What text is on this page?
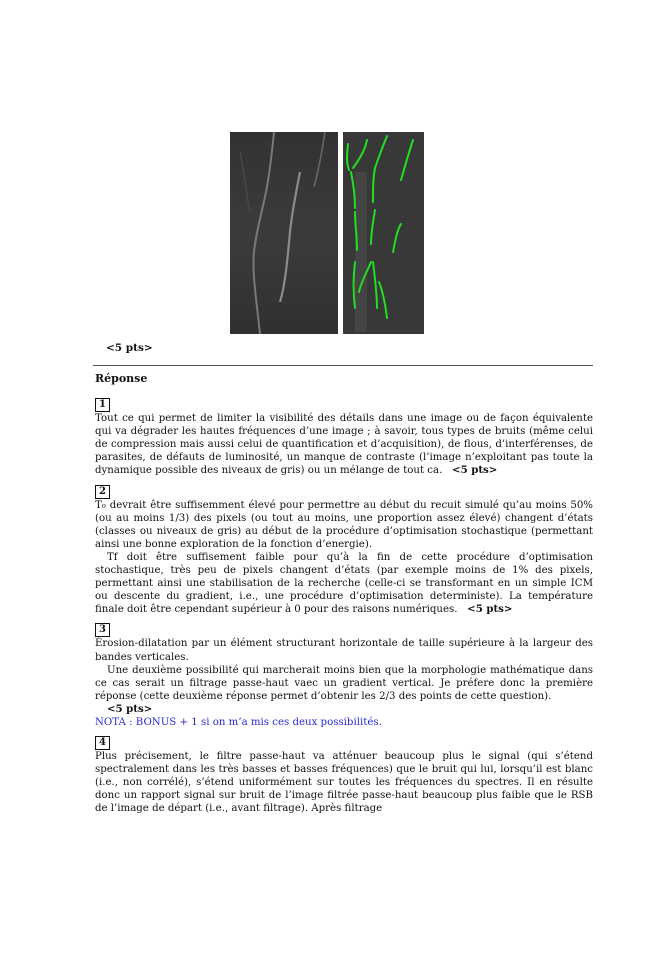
<5 pts>
Réponse
1

Tout ce qui permet de limiter la visibilité des détails dans une image ou de façon équivalente qui va dégrader les hautes fréquences d’une image ; à savoir, tous types de bruits (même celui de compression mais aussi celui de quantification et d’acquisition), de flous, d’interférenses, de parasites, de défauts de luminosité, un manque de contraste (l’image n’exploitant pas toute la dynamique possible des niveaux de gris) ou un mélange de tout ca. <5 pts>

2

T₀ devrait être suffisemment élevé pour permettre au début du recuit simulé qu’au moins 50% (ou au moins 1/3) des pixels (ou tout au moins, une proportion assez élevé) changent d’états (classes ou niveaux de gris) au début de la procédure d’optimisation stochastique (permettant ainsi une bonne exploration de la fonction d’energie).

Tf doit être suffisement faible pour qu’à la fin de cette procédure d’optimisation stochastique, très peu de pixels changent d’états (par exemple moins de 1% des pixels, permettant ainsi une stabilisation de la recherche (celle-ci se transformant en un simple ICM ou descente du gradient, i.e., une procédure d’optimisation deterministe). La température finale doit être cependant supérieur à 0 pour des raisons numériques. <5 pts>

3

Érosion-dilatation par un élément structurant horizontale de taille supérieure à la largeur des bandes verticales.

Une deuxième possibilité qui marcherait moins bien que la morphologie mathématique dans ce cas serait un filtrage passe-haut vaec un gradient vertical. Je préfere donc la première réponse (cette deuxième réponse permet d’obtenir les 2/3 des points de cette question).

<5 pts>

NOTA : BONUS + 1 si on m’a mis ces deux possibilités.

4

Plus précisement, le filtre passe-haut va atténuer beaucoup plus le signal (qui s’étend spectralement dans les très basses et basses fréquences) que le bruit qui lui, lorsqu’il est blanc (i.e., non corrélé), s’étend uniformément sur toutes les fréquences du spectres. Il en résulte donc un rapport signal sur bruit de l’image filtrée passe-haut beaucoup plus faible que le RSB de l’image de départ (i.e., avant filtrage). Après filtrage
